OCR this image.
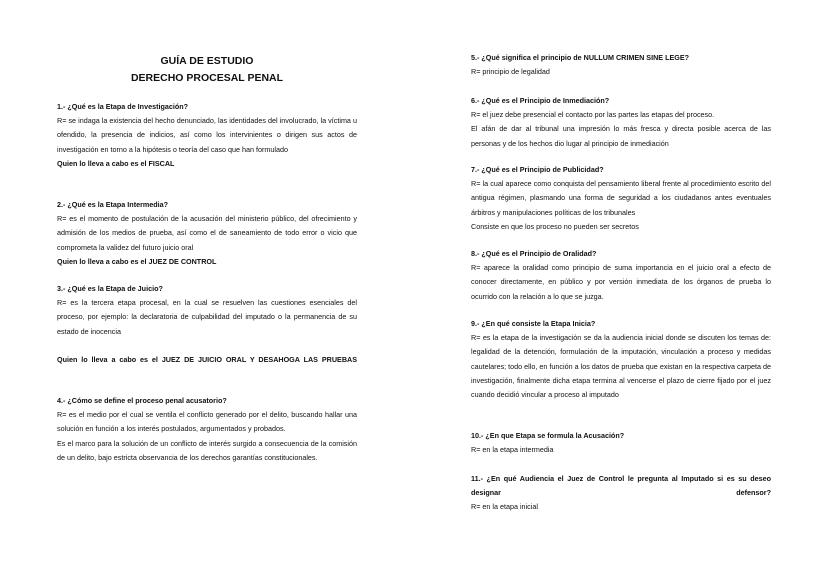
GUÍA DE ESTUDIO
DERECHO PROCESAL PENAL
1.- ¿Qué es la Etapa de Investigación?
R= se indaga la existencia del hecho denunciado, las identidades del involucrado, la víctima u ofendido, la presencia de indicios, así como los intervinientes o dirigen sus actos de investigación en torno a la hipótesis o teoría del caso que han formulado
Quien lo lleva a cabo es el FISCAL
2.- ¿Qué es la Etapa Intermedia?
R= es el momento de postulación de la acusación del ministerio público, del ofrecimiento y admisión de los medios de prueba, así como el de saneamiento de todo error o vicio que comprometa la validez del futuro juicio oral
Quien lo lleva a cabo es el JUEZ DE CONTROL
3.- ¿Qué es la Etapa de Juicio?
R= es la tercera etapa procesal, en la cual se resuelven las cuestiones esenciales del proceso, por ejemplo: la declaratoria de culpabilidad del imputado o la permanencia de su estado de inocencia
Quien lo lleva a cabo es el JUEZ DE JUICIO ORAL Y DESAHOGA LAS PRUEBAS
4.- ¿Cómo se define el proceso penal acusatorio?
R= es el medio por el cual se ventila el conflicto generado por el delito, buscando hallar una solución en función a los interés postulados, argumentados y probados.
Es el marco para la solución de un conflicto de interés surgido a consecuencia de la comisión de un delito, bajo estricta observancia de los derechos garantías constitucionales.
5.- ¿Qué significa el principio de NULLUM CRIMEN SINE LEGE?
R= principio de legalidad
6.- ¿Qué es el Principio de Inmediación?
R= el juez debe presencial el contacto por las partes las etapas del proceso.
El afán de dar al tribunal una impresión lo más fresca y directa posible acerca de las personas y de los hechos dio lugar al principio de inmediación
7.- ¿Qué es el Principio de Publicidad?
R= la cual aparece como conquista del pensamiento liberal frente al procedimiento escrito del antigua régimen, plasmando una forma de seguridad a los ciudadanos antes eventuales árbitros y manipulaciones políticas de los tribunales
Consiste en que los proceso no pueden ser secretos
8.- ¿Qué es el Principio de Oralidad?
R= aparece la oralidad como principio de suma importancia en el juicio oral a efecto de conocer directamente, en público y por versión inmediata de los órganos de prueba lo ocurrido con la relación a lo que se juzga.
9.- ¿En qué consiste la Etapa Inicia?
R= es la etapa de la investigación se da la audiencia inicial donde se discuten los temas de: legalidad de la detención, formulación de la imputación, vinculación a proceso y medidas cautelares; todo ello, en función a los datos de prueba que existan en la respectiva carpeta de investigación, finalmente dicha etapa termina al vencerse el plazo de cierre fijado por el juez cuando decidió vincular a proceso al imputado
10.- ¿En que Etapa se formula la Acusación?
R= en la etapa intermedia
11.- ¿En qué Audiencia el Juez de Control le pregunta al Imputado si es su deseo designar defensor?
R= en la etapa inicial
